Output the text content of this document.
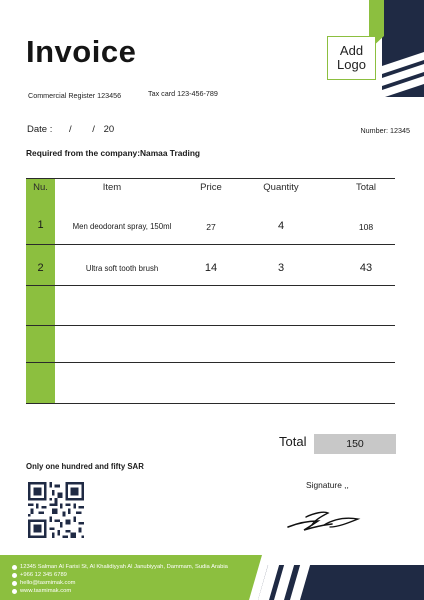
Invoice	Add
Logo
Commercial Register 123456	Tax card 123-456-789
Date : / / 20	Number: 12345
Required from the company:Namaa Trading
Nu.	Item	Price	Quantity	Total
1	Men deodorant spray, 150ml	27	4	108
2	Ultra soft tooth brush	14	3	43
Total	150
Only one hundred and fifty SAR
Signature ,,
12345 Salman Al Farisi St, Al Khalidiyyah Al Janubiyyah, Dammam, Sudia Arabia
+966 12 345 6789
hello@tasmimak.com
www.tasmimak.com
